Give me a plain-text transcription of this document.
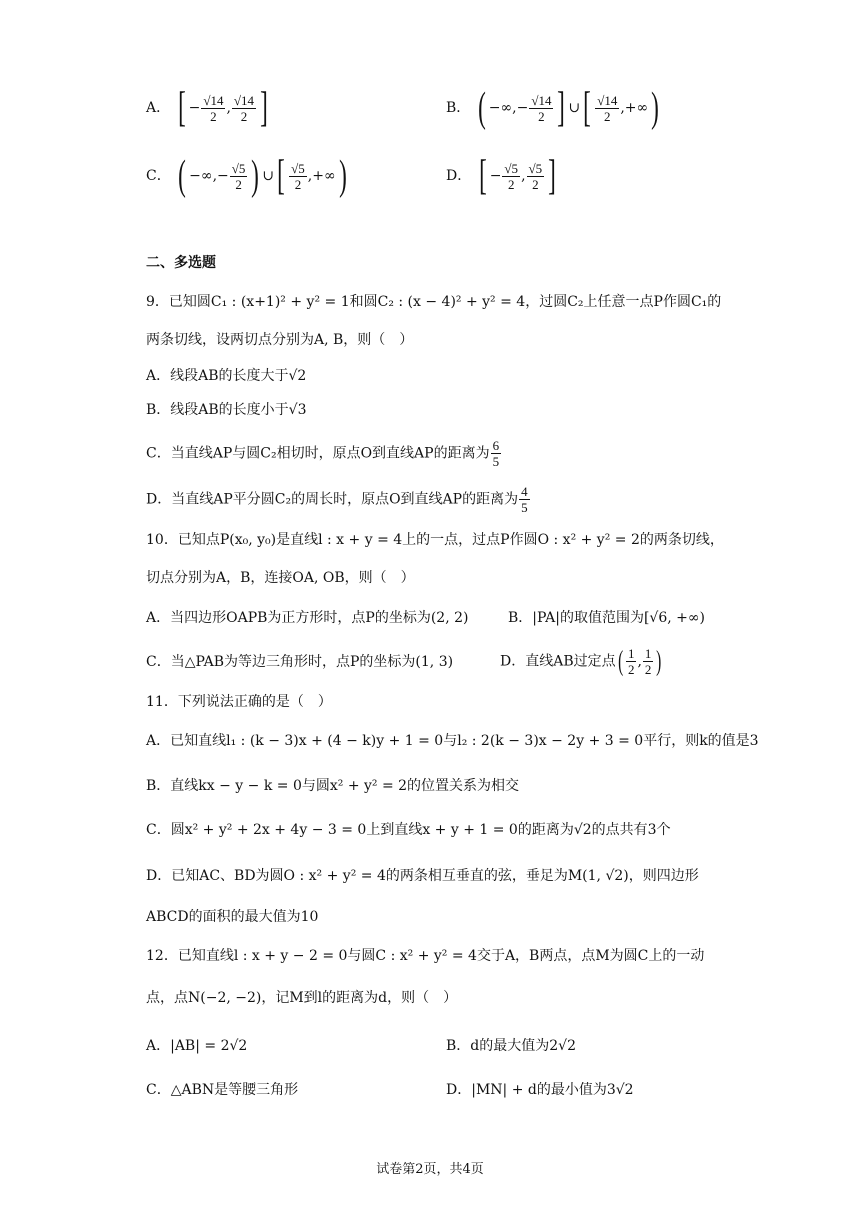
A． [ − $\frac{√14}{2}$ , $\frac{√14}{2}$ ]	B． ( −∞,− $\frac{√14}{2}$ ] ∪[ $\frac{√14}{2}$ ,+∞)
C． ( −∞,− $\frac{√5}{2}$ ) ∪[ $\frac{√5}{2}$ ,+∞)	D． [ − $\frac{√5}{2}$ , $\frac{√5}{2}$ ]
二、多选题
9．已知圆C₁ : (x+1)² + y² = 1和圆C₂ : (x − 4)² + y² = 4，过圆C₂上任意一点P作圆C₁的
两条切线，设两切点分别为A, B，则（　）
A．线段AB的长度大于√2
B．线段AB的长度小于√3
C．当直线AP与圆C₂相切时，原点O到直线AP的距离为 $\frac{6}{5}$
D．当直线AP平分圆C₂的周长时，原点O到直线AP的距离为 $\frac{4}{5}$
10．已知点P(x₀, y₀)是直线l : x + y = 4上的一点，过点P作圆O : x² + y² = 2的两条切线，
切点分别为A，B，连接OA, OB，则（　）
A．当四边形OAPB为正方形时，点P的坐标为(2, 2)	B．|PA|的取值范围为[√6, +∞)
C．当△PAB为等边三角形时，点P的坐标为(1, 3)	D．直线AB过定点( $\frac{1}{2}$ , $\frac{1}{2}$ )
11．下列说法正确的是（　）
A．已知直线l₁ : (k − 3)x + (4 − k)y + 1 = 0与l₂ : 2(k − 3)x − 2y + 3 = 0平行，则k的值是3
B．直线kx − y − k = 0与圆x² + y² = 2的位置关系为相交
C．圆x² + y² + 2x + 4y − 3 = 0上到直线x + y + 1 = 0的距离为√2的点共有3个
D．已知AC、BD为圆O : x² + y² = 4的两条相互垂直的弦，垂足为M(1, √2)，则四边形
ABCD的面积的最大值为10
12．已知直线l : x + y − 2 = 0与圆C : x² + y² = 4交于A，B两点，点M为圆C上的一动
点，点N(−2, −2)，记M到l的距离为d，则（　）
A．|AB| = 2√2	B．d的最大值为2√2
C．△ABN是等腰三角形	D．|MN| + d的最小值为3√2
试卷第2页，共4页
